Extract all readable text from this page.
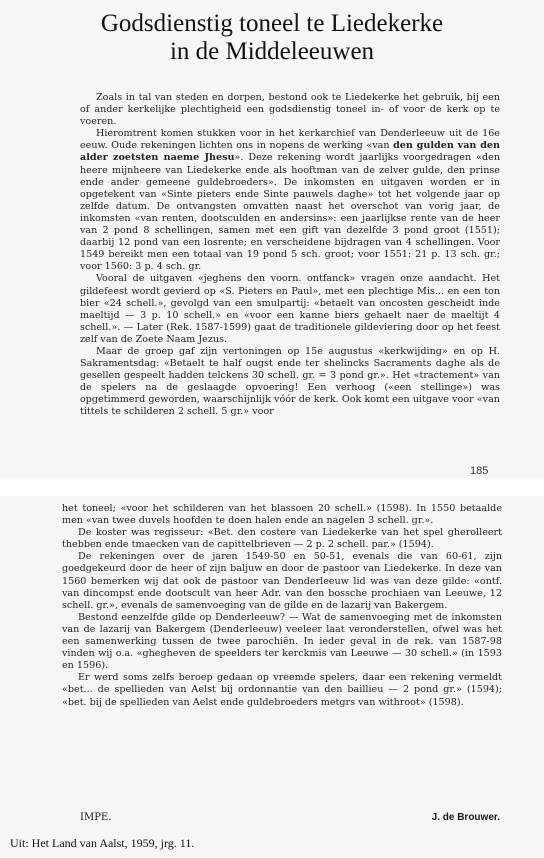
Godsdienstig toneel te Liedekerke
in de Middeleeuwen

Zoals in tal van steden en dorpen, bestond ook te Liedekerke het gebruik, bij een of ander kerkelijke plechtigheid een godsdienstig toneel in- of voor de kerk op te voeren.

Hieromtrent komen stukken voor in het kerkarchief van Denderleeuw uit de 16e eeuw. Oude rekeningen lichten ons in nopens de werking «van den gulden van den alder zoetsten naeme Jhesu». Deze rekening wordt jaarlijks voorgedragen «den heere mijnheere van Liedekerke ende als hooftman van de zelver gulde, den prinse ende ander gemeene guldebroeders». De inkomsten en uitgaven worden er in opgetekent van «Sinte pieters ende Sinte pauwels daghe» tot het volgende jaar op zelfde datum. De ontvangsten omvatten naast het overschot van vorig jaar, de inkomsten «van renten, dootsculden en andersins»: een jaarlijkse rente van de heer van 2 pond 8 schellingen, samen met een gift van dezelfde 3 pond groot (1551); daarbij 12 pond van een losrente; en verscheidene bijdragen van 4 schellingen. Voor 1549 bereikt men een totaal van 19 pond 5 sch. groot; voor 1551: 21 p. 13 sch. gr.; voor 1560: 3 p. 4 sch. gr.

Vooral de uitgaven «jeghens den voorn. ontfanck» vragen onze aandacht. Het gildefeest wordt gevierd op «S. Pieters en Paul», met een plechtige Mis... en een ton bier «24 schell.», gevolgd van een smulpartij: «betaelt van oncosten gescheidt inde maeltijd — 3 p. 10 schell.» en «voor een kanne biers gehaelt naer de maeltijt 4 schell.». — Later (Rek. 1587-1599) gaat de traditionele gildeviering door op het feest zelf van de Zoete Naam Jezus.

Maar de groep gaf zijn vertoningen op 15e augustus «kerkwijding» en op H. Sakramentsdag: «Betaelt te half ougst ende ter shelincks Sacraments daghe als de gesellen gespeelt hadden telckens 30 schell. gr. = 3 pond gr.». Het «tractement» van de spelers na de geslaagde opvoering! Een verhoog («een stellinge») was opgetimmerd geworden, waarschijnlijk vóór de kerk. Ook komt een uitgave voor «van tittels te schilderen 2 schell. 5 gr.» voor

185

het toneel; «voor het schilderen van het blassoen 20 schell.» (1598). In 1550 betaalde men «van twee duvels hoofden te doen halen ende an nagelen 3 schell. gr.».

De koster was regisseur: «Bet. den costere van Liedekerke van het spel gherolleert thebben ende tmaecken van de capittelbrieven — 2 p. 2 schell. par.» (1594).

De rekeningen over de jaren 1549-50 en 50-51, evenals die van 60-61, zijn goedgekeurd door de heer of zijn baljuw en door de pastoor van Liedekerke. In deze van 1560 bemerken wij dat ook de pastoor van Denderleeuw lid was van deze gilde: «ontf. van dincompst ende dootscult van heer Adr. van den bossche prochiaen van Leeuwe, 12 schell. gr.», evenals de samenvoeging van de gilde en de lazarij van Bakergem.

Bestond eenzelfde gilde op Denderleeuw? — Wat de samenvoeging met de inkomsten van de lazarij van Bakergem (Denderleeuw) veeleer laat veronderstellen, ofwel was het een samenwerking tussen de twee parochiën. In ieder geval in de rek. van 1587-98 vinden wij o.a. «ghegheven de speelders ter kerckmis van Leeuwe — 30 schell.» (in 1593 en 1596).

Er werd soms zelfs beroep gedaan op vreemde spelers, daar een rekening vermeldt «bet... de spellieden van Aelst bij ordonnantie van den baillieu — 2 pond gr.» (1594); «bet. bij de spellieden van Aelst ende guldebroeders metgrs van withroot» (1598).

IMPE.	J. de Brouwer.
Uit: Het Land van Aalst, 1959, jrg. 11.
